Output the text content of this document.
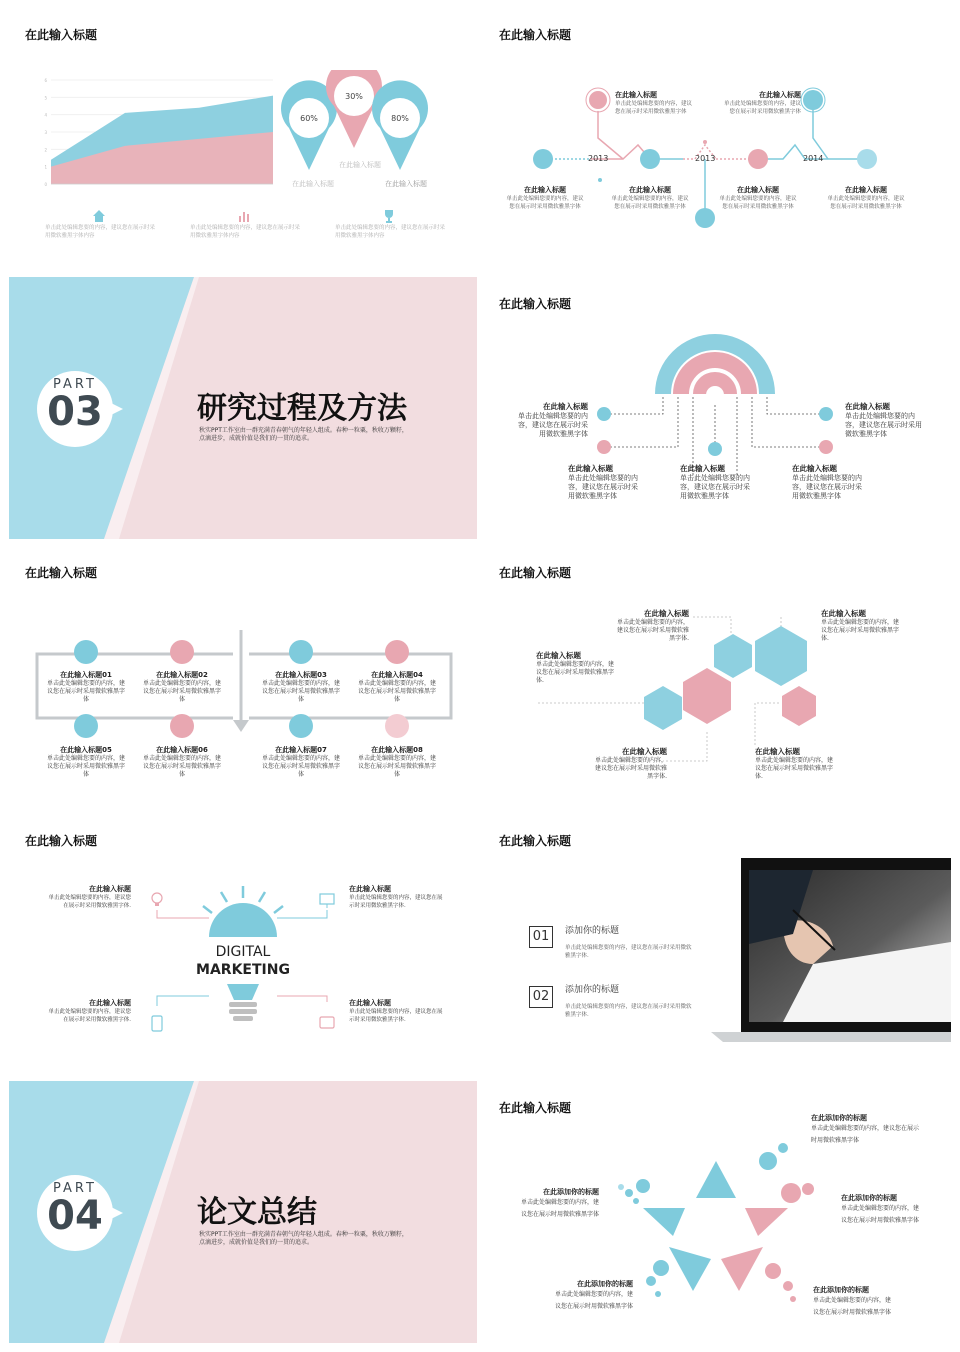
在此输入标题
0
1
2
3
4
5
6
60%
30%
80%
在此输入标题
在此输入标题
在此输入标题
单击此处编辑您要的内容，建议您在展示时采用微软雅黑字体内容
单击此处编辑您要的内容，建议您在展示时采用微软雅黑字体内容
单击此处编辑您要的内容，建议您在展示时采用微软雅黑字体内容
在此输入标题
2013	2013	2014
在此输入标题
单击此处编辑您要的内容，建议您在展示时采用微软雅黑字体
在此输入标题
单击此处编辑您要的内容，建议您在展示时采用微软雅黑字体
在此输入标题
单击此处编辑您要的内容，建议您在展示时采用微软雅黑字体
在此输入标题
单击此处编辑您要的内容，建议您在展示时采用微软雅黑字体
在此输入标题
单击此处编辑您要的内容，建议您在展示时采用微软雅黑字体
在此输入标题
单击此处编辑您要的内容，建议您在展示时采用微软雅黑字体
PART
03	研究过程及方法
秋实PPT工作室由一群充满青春朝气的年轻人组成。春种一粒粟，秋收万颗籽，点滴进步，成就价值是我们的一贯的追求。
在此输入标题
在此输入标题
单击此处编辑您要的内容，建议您在展示时采用微软雅黑字体
在此输入标题
单击此处编辑您要的内容，建议您在展示时采用微软雅黑字体
在此输入标题
单击此处编辑您要的内容，建议您在展示时采用微软雅黑字体
在此输入标题
单击此处编辑您要的内容，建议您在展示时采用微软雅黑字体
在此输入标题
单击此处编辑您要的内容，建议您在展示时采用微软雅黑字体
在此输入标题
在此输入标题01
单击此处编辑您要的内容，建议您在展示时采用微软雅黑字体
在此输入标题02
单击此处编辑您要的内容，建议您在展示时采用微软雅黑字体
在此输入标题03
单击此处编辑您要的内容，建议您在展示时采用微软雅黑字体
在此输入标题04
单击此处编辑您要的内容，建议您在展示时采用微软雅黑字体
在此输入标题05
单击此处编辑您要的内容，建议您在展示时采用微软雅黑字体
在此输入标题06
单击此处编辑您要的内容，建议您在展示时采用微软雅黑字体
在此输入标题07
单击此处编辑您要的内容，建议您在展示时采用微软雅黑字体
在此输入标题08
单击此处编辑您要的内容，建议您在展示时采用微软雅黑字体
在此输入标题
在此输入标题
单击此处编辑您要的内容，建议您在展示时采用微软雅黑字体.
在此输入标题
单击此处编辑您要的内容，建议您在展示时采用微软雅黑字体.
在此输入标题
单击此处编辑您要的内容，建议您在展示时采用微软雅黑字体.
在此输入标题
单击此处编辑您要的内容，建议您在展示时采用微软雅黑字体.
在此输入标题
单击此处编辑您要的内容，建议您在展示时采用微软雅黑字体.
在此输入标题
DIGITAL
MARKETING
在此输入标题
单击此处编辑您要的内容，建议您在展示时采用微软雅黑字体.
在此输入标题
单击此处编辑您要的内容，建议您在展示时采用微软雅黑字体.
在此输入标题
单击此处编辑您要的内容，建议您在展示时采用微软雅黑字体.
在此输入标题
单击此处编辑您要的内容，建议您在展示时采用微软雅黑字体.
在此输入标题
01	添加你的标题
单击此处编辑您要的内容，建议您在展示时采用微软雅黑字体.
02	添加你的标题
单击此处编辑您要的内容，建议您在展示时采用微软雅黑字体.
PART
04	论文总结
秋实PPT工作室由一群充满青春朝气的年轻人组成。春种一粒粟，秋收万颗籽，点滴进步，成就价值是我们的一贯的追求。
在此输入标题
在此添加你的标题
单击此处编辑您要的内容，建议您在展示时用微软雅黑字体
在此添加你的标题
单击此处编辑您要的内容，建议您在展示时用微软雅黑字体
在此添加你的标题
单击此处编辑您要的内容，建议您在展示时用微软雅黑字体
在此添加你的标题
单击此处编辑您要的内容，建议您在展示时用微软雅黑字体
在此添加你的标题
单击此处编辑您要的内容，建议您在展示时用微软雅黑字体
